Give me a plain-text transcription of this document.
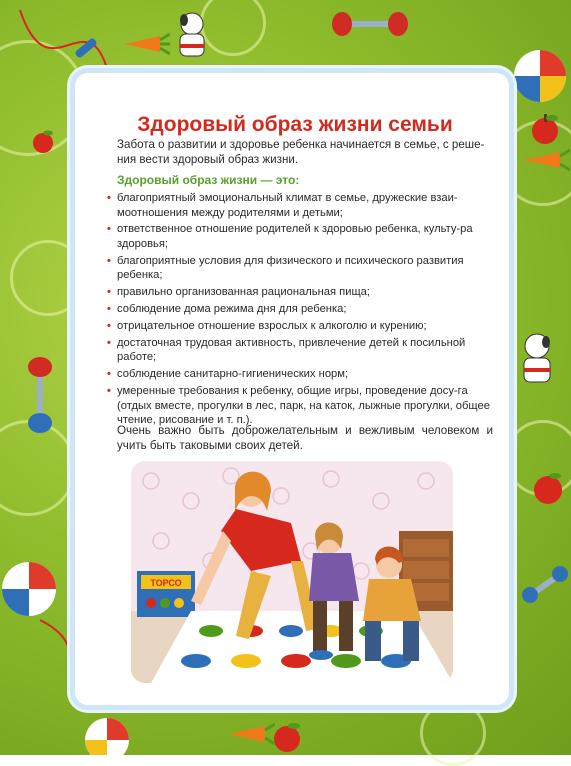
Здоровый образ жизни семьи
Забота о развитии и здоровье ребенка начинается в семье, с реше-ния вести здоровый образ жизни.
Здоровый образ жизни — это:
• благоприятный эмоциональный климат в семье, дружеские взаи-моотношения между родителями и детьми;
• ответственное отношение родителей к здоровью ребенка, культу-ра здоровья;
• благоприятные условия для физического и психического развития ребенка;
• правильно организованная рациональная пища;
• соблюдение дома режима дня для ребенка;
• отрицательное отношение взрослых к алкоголю и курению;
• достаточная трудовая активность, привлечение детей к посильной работе;
• соблюдение санитарно-гигиенических норм;
• умеренные требования к ребенку, общие игры, проведение досу-га (отдых вместе, прогулки в лес, парк, на каток, лыжные прогулки, общее чтение, рисование и т. п.).
Очень важно быть доброжелательным и вежливым человеком и учить быть таковыми своих детей.
ТОРСО
